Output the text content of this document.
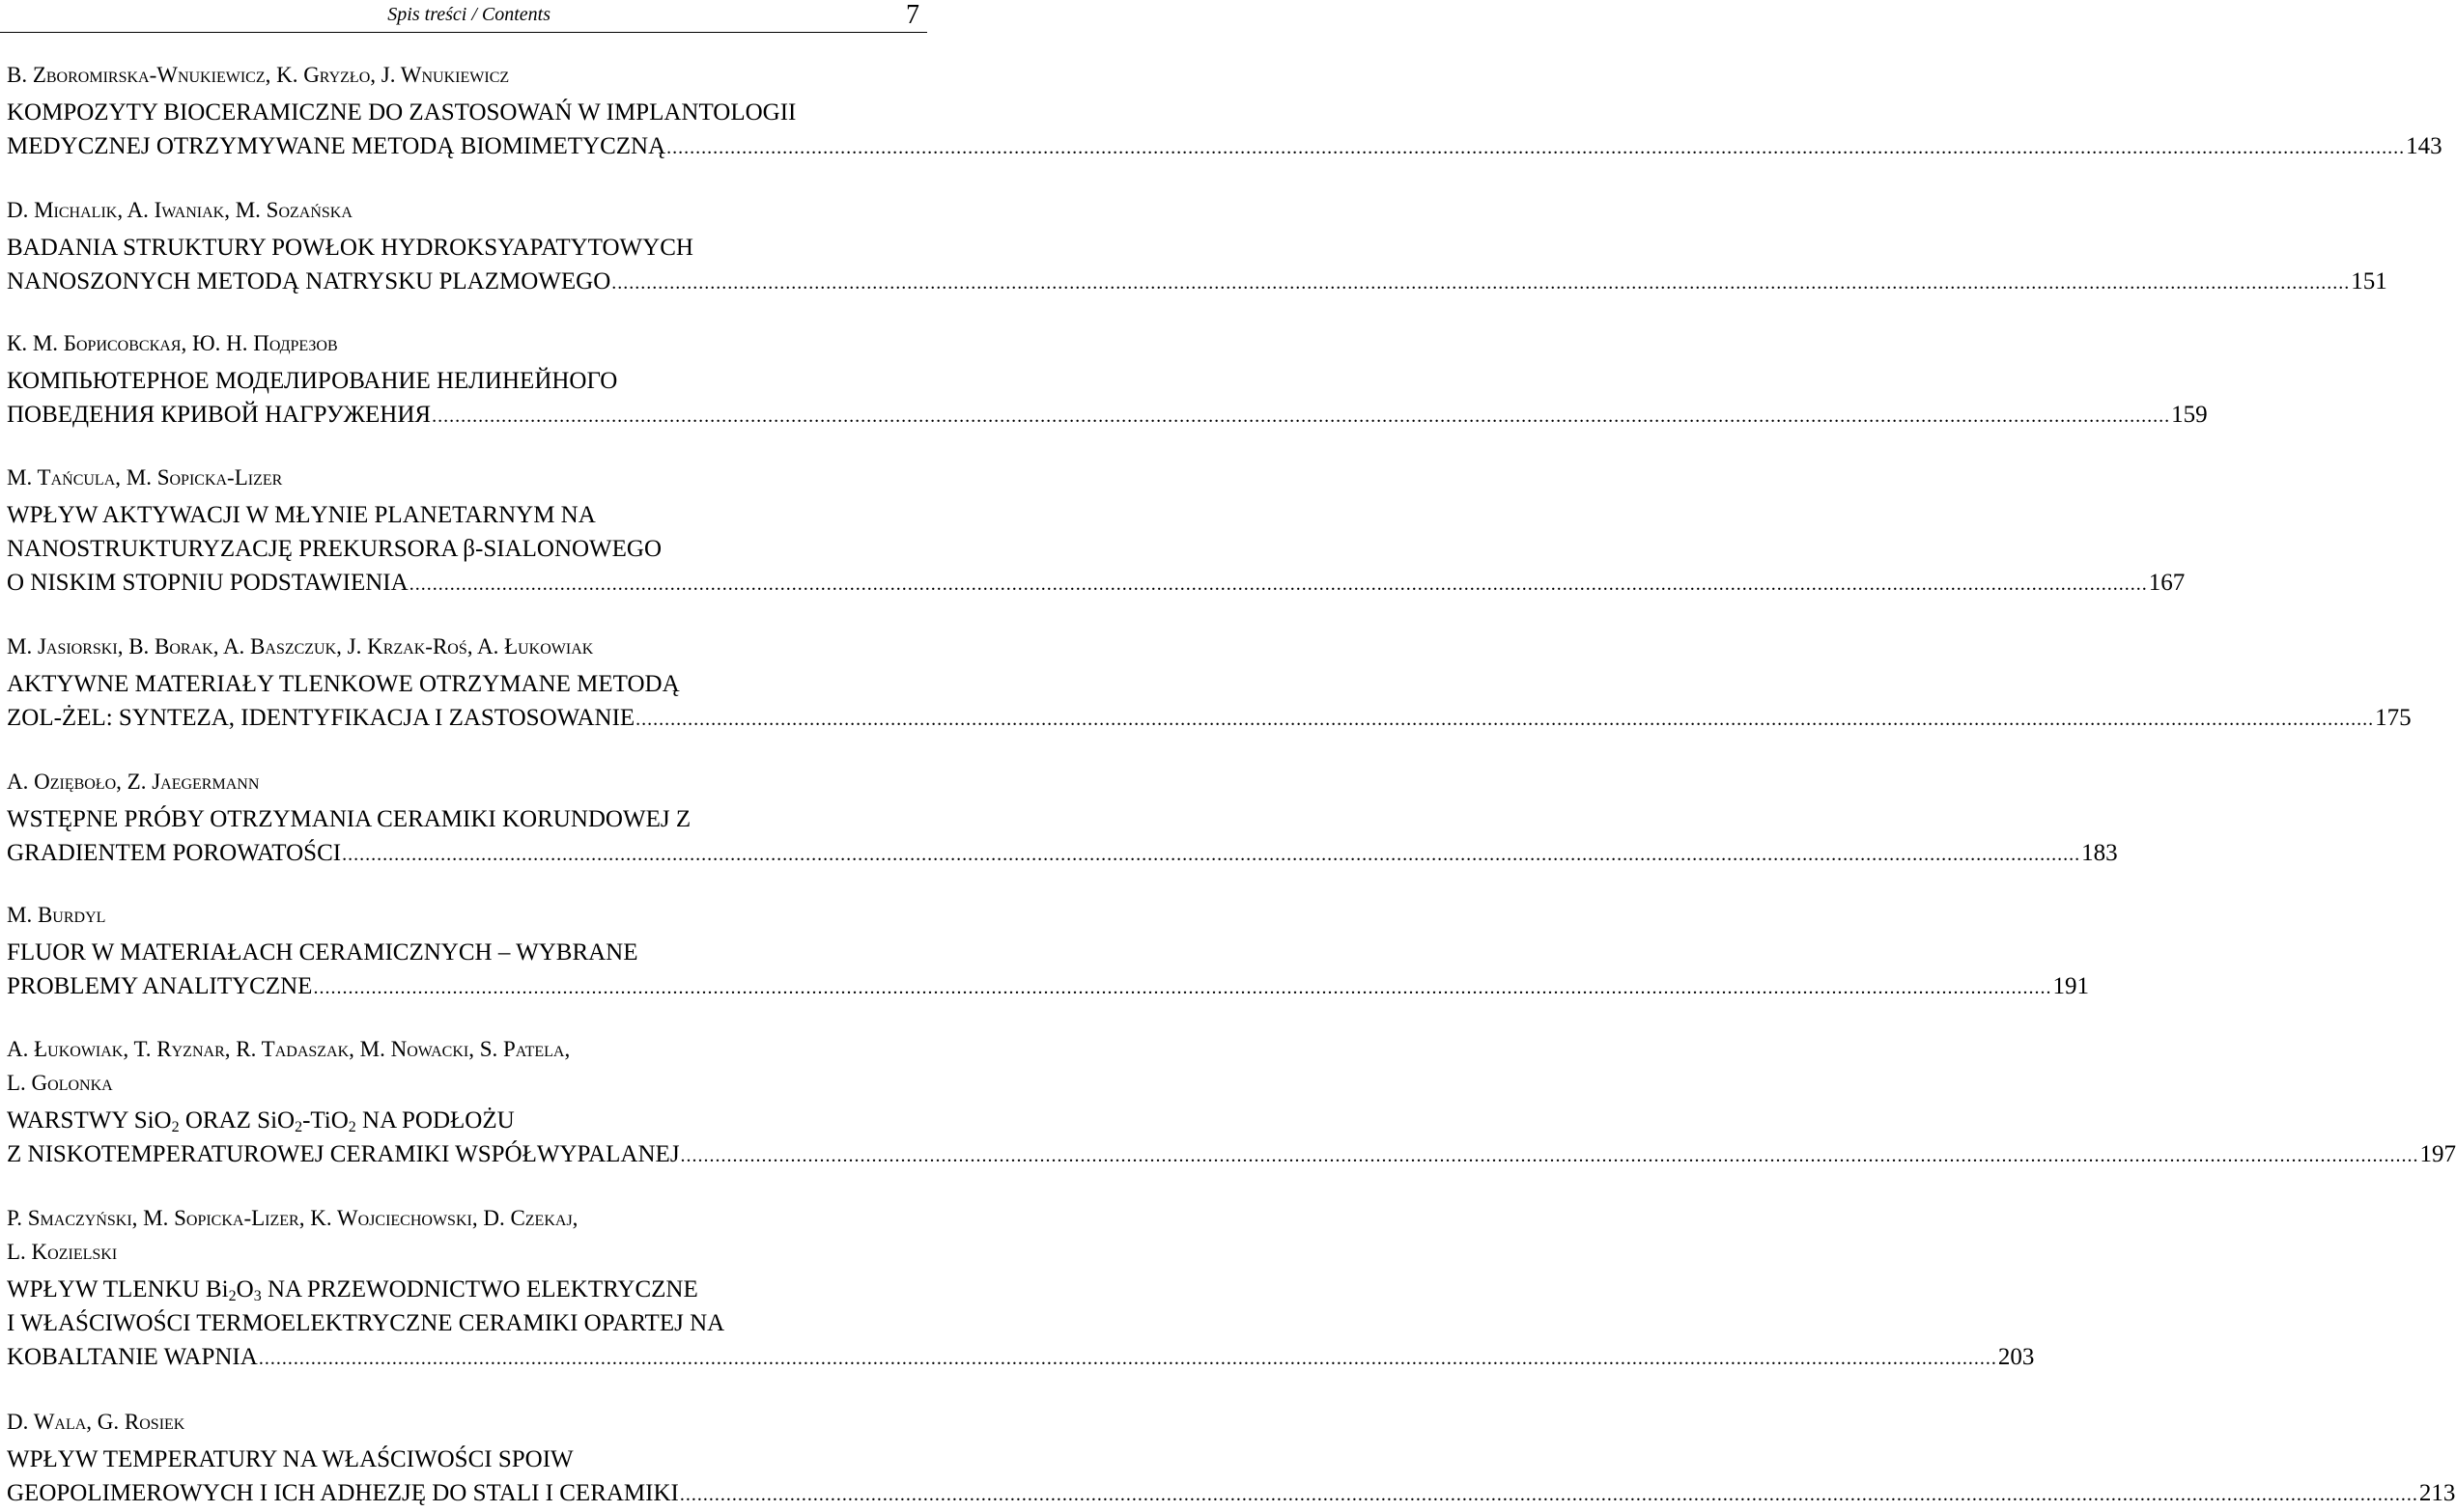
Spis treści / Contents	7
B. Zboromirska-Wnukiewicz, K. Gryzło, J. Wnukiewicz
KOMPOZYTY BIOCERAMICZNE DO ZASTOSOWAŃ W IMPLANTOLOGII
MEDYCZNEJ OTRZYMYWANE METODĄ BIOMIMETYCZNĄ ............................................................................................................................................................................................................................................................................................................ 143
D. Michalik, A. Iwaniak, M. Sozańska
BADANIA STRUKTURY POWŁOK HYDROKSYAPATYTOWYCH
NANOSZONYCH METODĄ NATRYSKU PLAZMOWEGO ............................................................................................................................................................................................................................................................................................................ 151
К. М. Борисовская, Ю. Н. Подрезов
КОМПЬЮТЕРНОЕ МОДЕЛИРОВАНИЕ НЕЛИНЕЙНОГО
ПОВЕДЕНИЯ КРИВОЙ НАГРУЖЕНИЯ ............................................................................................................................................................................................................................................................................................................ 159
M. Tańcula, M. Sopicka-Lizer
WPŁYW AKTYWACJI W MŁYNIE PLANETARNYM NA
NANOSTRUKTURYZACJĘ PREKURSORA β-SIALONOWEGO
O NISKIM STOPNIU PODSTAWIENIA ............................................................................................................................................................................................................................................................................................................ 167
M. Jasiorski, B. Borak, A. Baszczuk, J. Krzak-Roś, A. Łukowiak
AKTYWNE MATERIAŁY TLENKOWE OTRZYMANE METODĄ
ZOL-ŻEL: SYNTEZA, IDENTYFIKACJA I ZASTOSOWANIE ............................................................................................................................................................................................................................................................................................................ 175
A. Ozięboło, Z. Jaegermann
WSTĘPNE PRÓBY OTRZYMANIA CERAMIKI KORUNDOWEJ Z
GRADIENTEM POROWATOŚCI ............................................................................................................................................................................................................................................................................................................ 183
M. Burdyl
FLUOR W MATERIAŁACH CERAMICZNYCH – WYBRANE
PROBLEMY ANALITYCZNE ............................................................................................................................................................................................................................................................................................................ 191
A. Łukowiak, T. Ryznar, R. Tadaszak, M. Nowacki, S. Patela,
L. Golonka
WARSTWY SiO$_2$ ORAZ SiO$_2$-TiO$_2$ NA PODŁOŻU
Z NISKOTEMPERATUROWEJ CERAMIKI WSPÓŁWYPALANEJ ............................................................................................................................................................................................................................................................................................................ 197
P. Smaczyński, M. Sopicka-Lizer, K. Wojciechowski, D. Czekaj,
L. Kozielski
WPŁYW TLENKU $Bi_2O_3$ NA PRZEWODNICTWO ELEKTRYCZNE
I WŁAŚCIWOŚCI TERMOELEKTRYCZNE CERAMIKI OPARTEJ NA
KOBALTANIE WAPNIA ............................................................................................................................................................................................................................................................................................................ 203
D. Wala, G. Rosiek
WPŁYW TEMPERATURY NA WŁAŚCIWOŚCI SPOIW
GEOPOLIMEROWYCH I ICH ADHEZJĘ DO STALI I CERAMIKI ............................................................................................................................................................................................................................................................................................................ 213
